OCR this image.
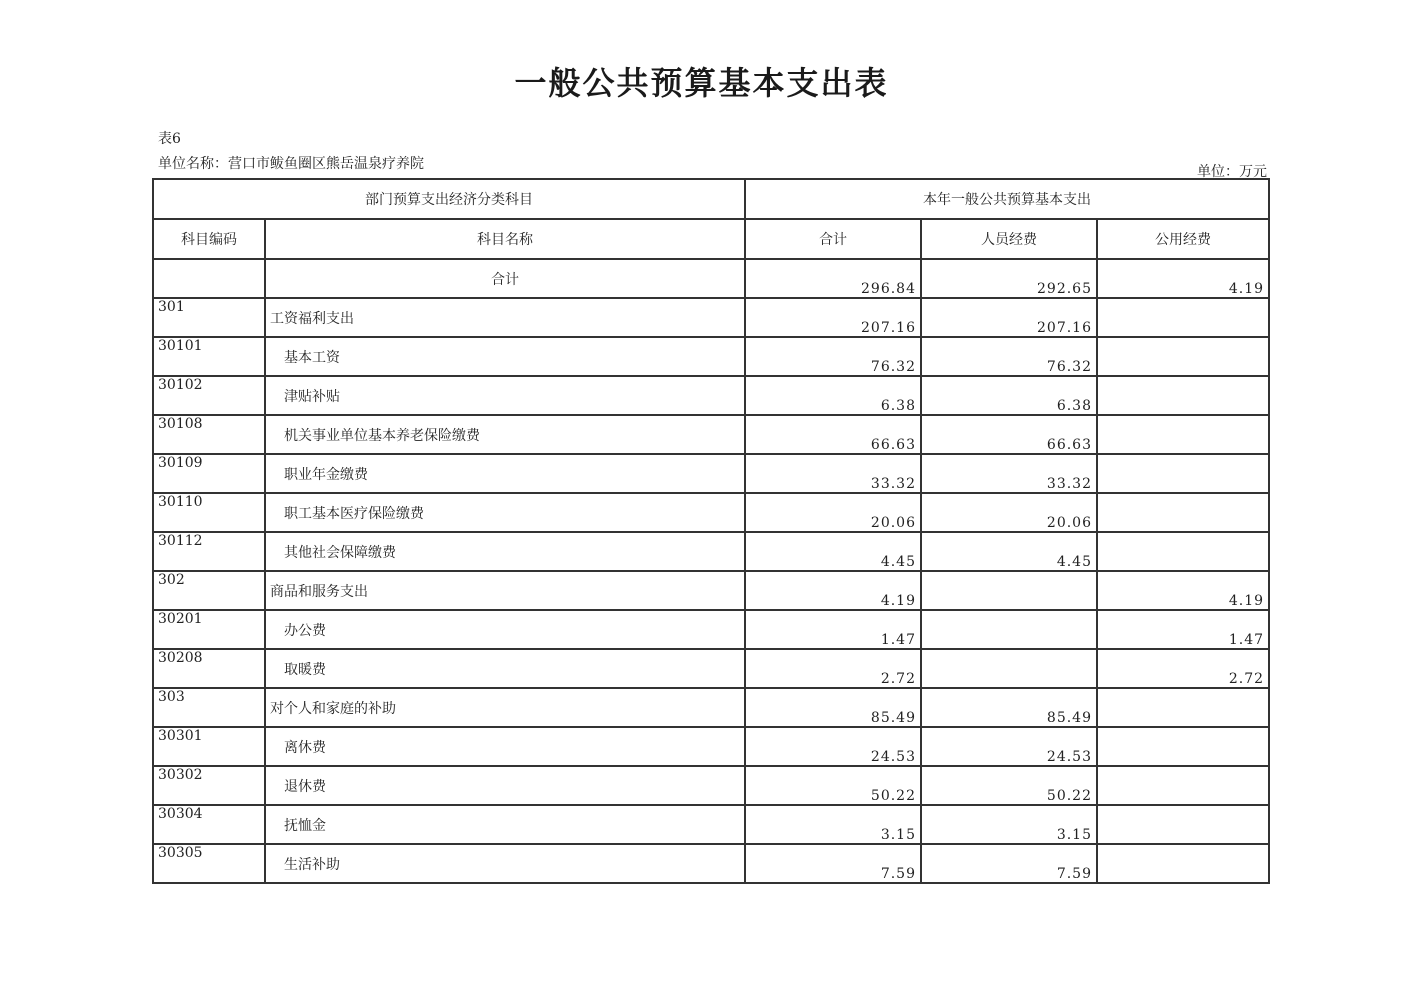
一般公共预算基本支出表
表6
单位名称：营口市鲅鱼圈区熊岳温泉疗养院	单位：万元
部门预算支出经济分类科目		本年一般公共预算基本支出		
科目编码	科目名称	合计	人员经费	公用经费
	合计	296.84	292.65	4.19
301	工资福利支出	207.16	207.16	
30101	基本工资	76.32	76.32	
30102	津贴补贴	6.38	6.38	
30108	机关事业单位基本养老保险缴费	66.63	66.63	
30109	职业年金缴费	33.32	33.32	
30110	职工基本医疗保险缴费	20.06	20.06	
30112	其他社会保障缴费	4.45	4.45	
302	商品和服务支出	4.19		4.19
30201	办公费	1.47		1.47
30208	取暖费	2.72		2.72
303	对个人和家庭的补助	85.49	85.49	
30301	离休费	24.53	24.53	
30302	退休费	50.22	50.22	
30304	抚恤金	3.15	3.15	
30305	生活补助	7.59	7.59	
